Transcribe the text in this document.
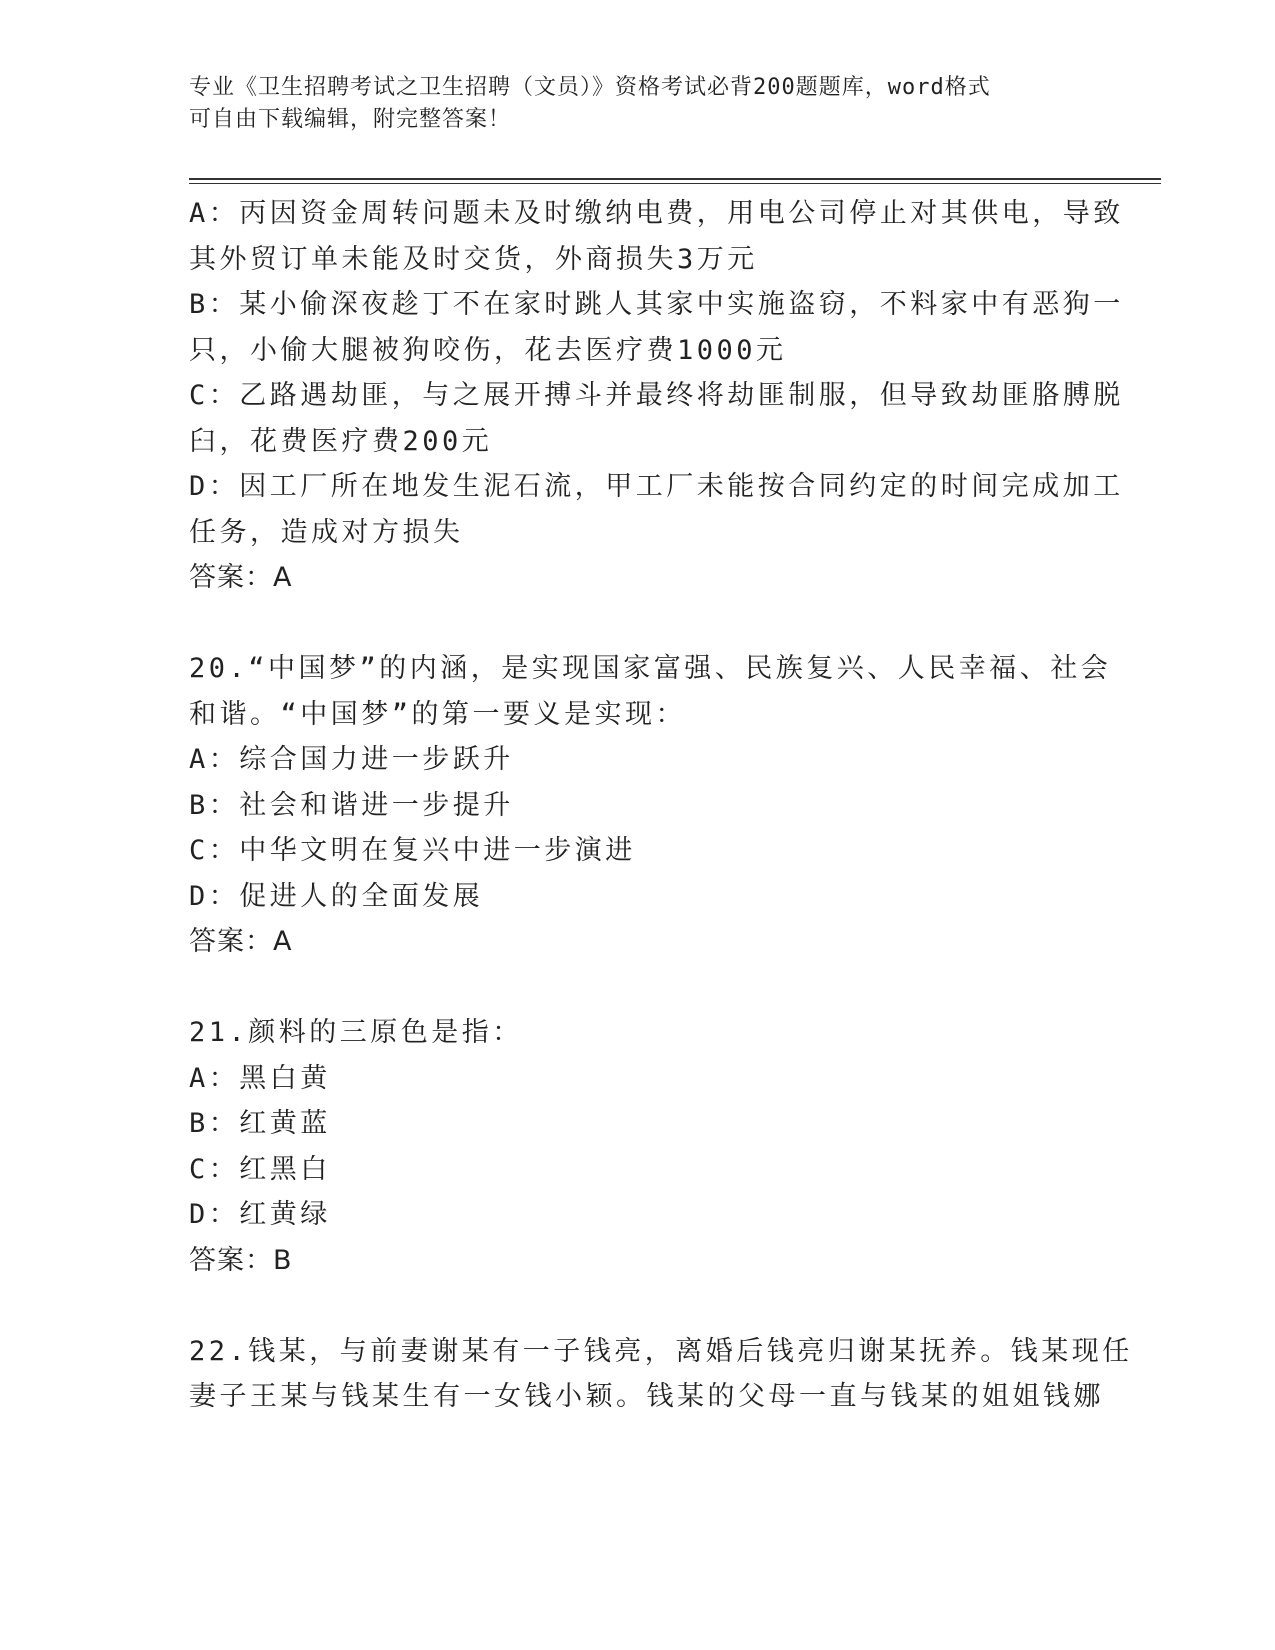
专业《卫生招聘考试之卫生招聘（文员）》资格考试必背200题题库，word格式
可自由下载编辑，附完整答案！
A：丙因资金周转问题未及时缴纳电费，用电公司停止对其供电，导致
其外贸订单未能及时交货，外商损失3万元
B：某小偷深夜趁丁不在家时跳人其家中实施盗窃，不料家中有恶狗一
只，小偷大腿被狗咬伤，花去医疗费1000元
C：乙路遇劫匪，与之展开搏斗并最终将劫匪制服，但导致劫匪胳膊脱
臼，花费医疗费200元
D：因工厂所在地发生泥石流，甲工厂未能按合同约定的时间完成加工
任务，造成对方损失
答案：A
20.“中国梦”的内涵，是实现国家富强、民族复兴、人民幸福、社会
和谐。“中国梦”的第一要义是实现：
A：综合国力进一步跃升
B：社会和谐进一步提升
C：中华文明在复兴中进一步演进
D：促进人的全面发展
答案：A
21.颜料的三原色是指：
A：黑白黄
B：红黄蓝
C：红黑白
D：红黄绿
答案：B
22.钱某，与前妻谢某有一子钱亮，离婚后钱亮归谢某抚养。钱某现任
妻子王某与钱某生有一女钱小颖。钱某的父母一直与钱某的姐姐钱娜
